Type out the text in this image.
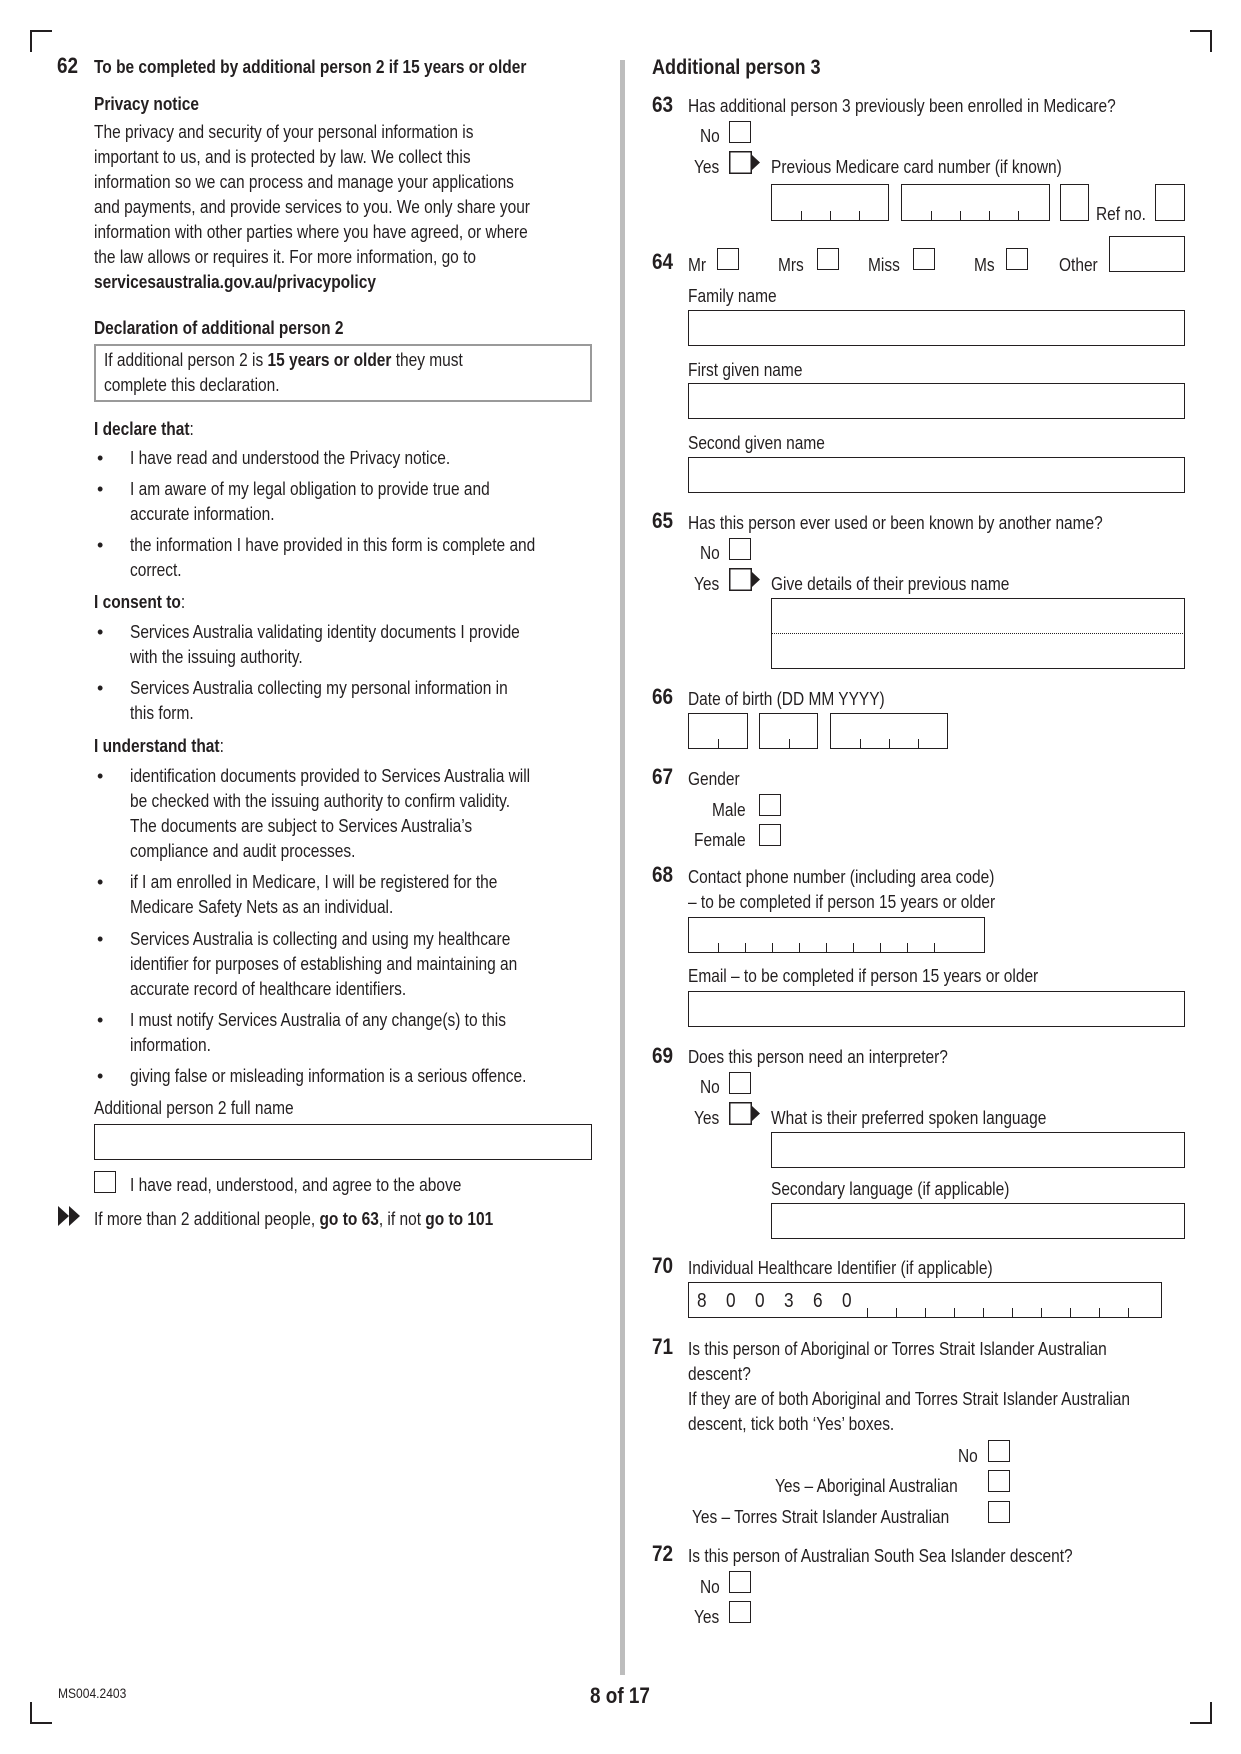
62 To be completed by additional person 2 if 15 years or older
Privacy notice
The privacy and security of your personal information is
important to us, and is protected by law. We collect this
information so we can process and manage your applications
and payments, and provide services to you. We only share your
information with other parties where you have agreed, or where
the law allows or requires it. For more information, go to
servicesaustralia.gov.au/privacypolicy
Declaration of additional person 2
If additional person 2 is 15 years or older they must
complete this declaration.
I declare that:
• I have read and understood the Privacy notice.
• I am aware of my legal obligation to provide true and
accurate information.
• the information I have provided in this form is complete and
correct.
I consent to:
• Services Australia validating identity documents I provide
with the issuing authority.
• Services Australia collecting my personal information in
this form.
I understand that:
• identification documents provided to Services Australia will
be checked with the issuing authority to confirm validity.
The documents are subject to Services Australia’s
compliance and audit processes.
• if I am enrolled in Medicare, I will be registered for the
Medicare Safety Nets as an individual.
• Services Australia is collecting and using my healthcare
identifier for purposes of establishing and maintaining an
accurate record of healthcare identifiers.
• I must notify Services Australia of any change(s) to this
information.
• giving false or misleading information is a serious offence.
Additional person 2 full name
I have read, understood, and agree to the above
If more than 2 additional people, go to 63, if not go to 101
Additional person 3
63 Has additional person 3 previously been enrolled in Medicare?
No
Yes	Previous Medicare card number (if known)
Ref no.
64 Mr	Mrs	Miss	Ms	Other
Family name
First given name
Second given name
65 Has this person ever used or been known by another name?
No
Yes	Give details of their previous name
66 Date of birth (DD MM YYYY)
67 Gender
Male
Female
68 Contact phone number (including area code)
– to be completed if person 15 years or older
Email – to be completed if person 15 years or older
69 Does this person need an interpreter?
No
Yes	What is their preferred spoken language
Secondary language (if applicable)
70 Individual Healthcare Identifier (if applicable)
8 0 0 3 6 0
71 Is this person of Aboriginal or Torres Strait Islander Australian
descent?
If they are of both Aboriginal and Torres Strait Islander Australian
descent, tick both ‘Yes’ boxes.
No
Yes – Aboriginal Australian
Yes – Torres Strait Islander Australian
72 Is this person of Australian South Sea Islander descent?
No
Yes
MS004.2403	8 of 17
